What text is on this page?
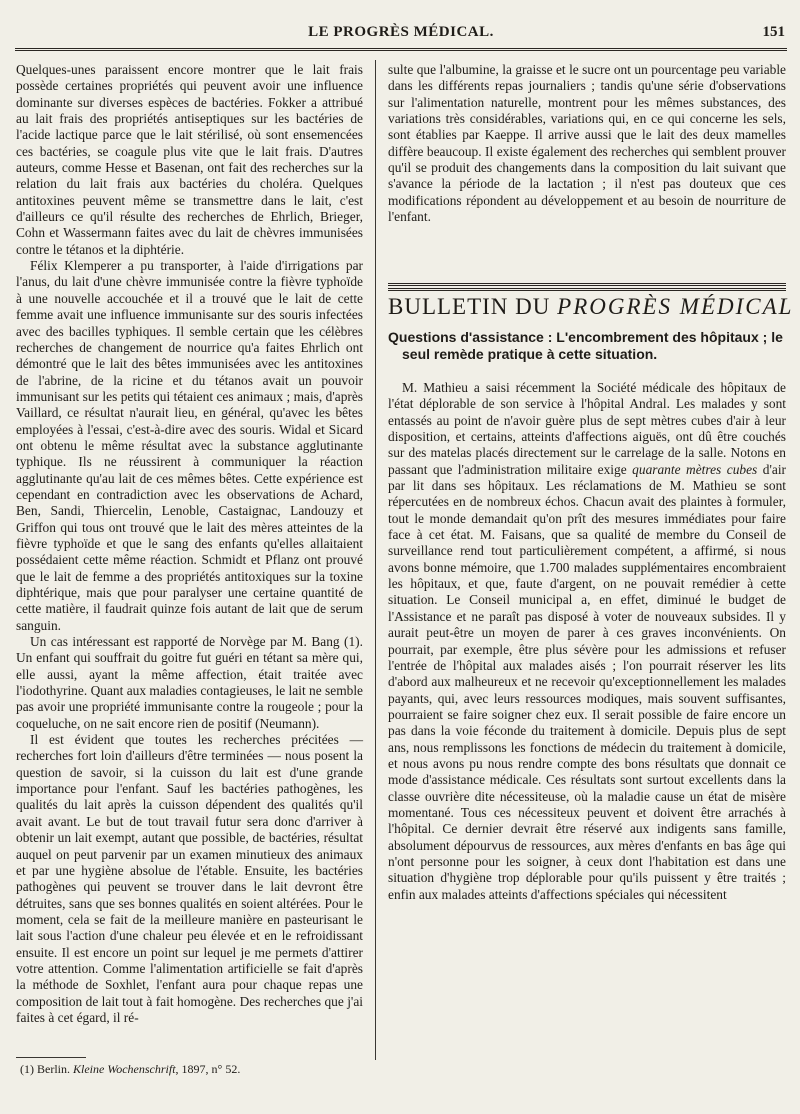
LE PROGRÈS MÉDICAL.	151

Quelques-unes paraissent encore montrer que le lait frais possède certaines propriétés qui peuvent avoir une influence dominante sur diverses espèces de bactéries. Fokker a attribué au lait frais des propriétés antiseptiques sur les bactéries de l'acide lactique parce que le lait stérilisé, où sont ensemencées ces bactéries, se coagule plus vite que le lait frais. D'autres auteurs, comme Hesse et Basenan, ont fait des recherches sur la relation du lait frais aux bactéries du choléra. Quelques antitoxines peuvent même se transmettre dans le lait, c'est d'ailleurs ce qu'il résulte des recherches de Ehrlich, Brieger, Cohn et Wassermann faites avec du lait de chèvres immunisées contre le tétanos et la diphtérie.

Félix Klemperer a pu transporter, à l'aide d'irrigations par l'anus, du lait d'une chèvre immunisée contre la fièvre typhoïde à une nouvelle accouchée et il a trouvé que le lait de cette femme avait une influence immunisante sur des souris infectées avec des bacilles typhiques. Il semble certain que les célèbres recherches de changement de nourrice qu'a faites Ehrlich ont démontré que le lait des bêtes immunisées avec les antitoxines de l'abrine, de la ricine et du tétanos avait un pouvoir immunisant sur les petits qui tétaient ces animaux ; mais, d'après Vaillard, ce résultat n'aurait lieu, en général, qu'avec les bêtes employées à l'essai, c'est-à-dire avec des souris. Widal et Sicard ont obtenu le même résultat avec la substance agglutinante typhique. Ils ne réussirent à communiquer la réaction agglutinante qu'au lait de ces mêmes bêtes. Cette expérience est cependant en contradiction avec les observations de Achard, Ben, Sandi, Thiercelin, Lenoble, Castaignac, Landouzy et Griffon qui tous ont trouvé que le lait des mères atteintes de la fièvre typhoïde et que le sang des enfants qu'elles allaitaient possédaient cette même réaction. Schmidt et Pflanz ont prouvé que le lait de femme a des propriétés antitoxiques sur la toxine diphtérique, mais que pour paralyser une certaine quantité de cette matière, il faudrait quinze fois autant de lait que de serum sanguin.

Un cas intéressant est rapporté de Norvège par M. Bang (1). Un enfant qui souffrait du goitre fut guéri en tétant sa mère qui, elle aussi, ayant la même affection, était traitée avec l'iodothyrine. Quant aux maladies contagieuses, le lait ne semble pas avoir une propriété immunisante contre la rougeole ; pour la coqueluche, on ne sait encore rien de positif (Neumann).

Il est évident que toutes les recherches précitées — recherches fort loin d'ailleurs d'être terminées — nous posent la question de savoir, si la cuisson du lait est d'une grande importance pour l'enfant. Sauf les bactéries pathogènes, les qualités du lait après la cuisson dépendent des qualités qu'il avait avant. Le but de tout travail futur sera donc d'arriver à obtenir un lait exempt, autant que possible, de bactéries, résultat auquel on peut parvenir par un examen minutieux des animaux et par une hygiène absolue de l'étable. Ensuite, les bactéries pathogènes qui peuvent se trouver dans le lait devront être détruites, sans que ses bonnes qualités en soient altérées. Pour le moment, cela se fait de la meilleure manière en pasteurisant le lait sous l'action d'une chaleur peu élevée et en le refroidissant ensuite. Il est encore un point sur lequel je me permets d'attirer votre attention. Comme l'alimentation artificielle se fait d'après la méthode de Soxhlet, l'enfant aura pour chaque repas une composition de lait tout à fait homogène. Des recherches que j'ai faites à cet égard, il ré-

(1) Berlin. Kleine Wochenschrift, 1897, n° 52.

sulte que l'albumine, la graisse et le sucre ont un pourcentage peu variable dans les différents repas journaliers ; tandis qu'une série d'observations sur l'alimentation naturelle, montrent pour les mêmes substances, des variations très considérables, variations qui, en ce qui concerne les sels, sont établies par Kaeppe. Il arrive aussi que le lait des deux mamelles diffère beaucoup. Il existe également des recherches qui semblent prouver qu'il se produit des changements dans la composition du lait suivant que s'avance la période de la lactation ; il n'est pas douteux que ces modifications répondent au développement et au besoin de nourriture de l'enfant.

BULLETIN DU PROGRÈS MÉDICAL
Questions d'assistance : L'encombrement des hôpitaux ; le seul remède pratique à cette situation.

M. Mathieu a saisi récemment la Société médicale des hôpitaux de l'état déplorable de son service à l'hôpital Andral. Les malades y sont entassés au point de n'avoir guère plus de sept mètres cubes d'air à leur disposition, et certains, atteints d'affections aiguës, ont dû être couchés sur des matelas placés directement sur le carrelage de la salle. Notons en passant que l'administration militaire exige quarante mètres cubes d'air par lit dans ses hôpitaux. Les réclamations de M. Mathieu se sont répercutées en de nombreux échos. Chacun avait des plaintes à formuler, tout le monde demandait qu'on prît des mesures immédiates pour faire face à cet état. M. Faisans, que sa qualité de membre du Conseil de surveillance rend tout particulièrement compétent, a affirmé, si nous avons bonne mémoire, que 1.700 malades supplémentaires encombraient les hôpitaux, et que, faute d'argent, on ne pouvait remédier à cette situation. Le Conseil municipal a, en effet, diminué le budget de l'Assistance et ne paraît pas disposé à voter de nouveaux subsides. Il y aurait peut-être un moyen de parer à ces graves inconvénients. On pourrait, par exemple, être plus sévère pour les admissions et refuser l'entrée de l'hôpital aux malades aisés ; l'on pourrait réserver les lits d'abord aux malheureux et ne recevoir qu'exceptionnellement les malades payants, qui, avec leurs ressources modiques, mais souvent suffisantes, pourraient se faire soigner chez eux. Il serait possible de faire encore un pas dans la voie féconde du traitement à domicile. Depuis plus de sept ans, nous remplissons les fonctions de médecin du traitement à domicile, et nous avons pu nous rendre compte des bons résultats que donnait ce mode d'assistance médicale. Ces résultats sont surtout excellents dans la classe ouvrière dite nécessiteuse, où la maladie cause un état de misère momentané. Tous ces nécessiteux peuvent et doivent être arrachés à l'hôpital. Ce dernier devrait être réservé aux indigents sans famille, absolument dépourvus de ressources, aux mères d'enfants en bas âge qui n'ont personne pour les soigner, à ceux dont l'habitation est dans une situation d'hygiène trop déplorable pour qu'ils puissent y être traités ; enfin aux malades atteints d'affections spéciales qui nécessitent
